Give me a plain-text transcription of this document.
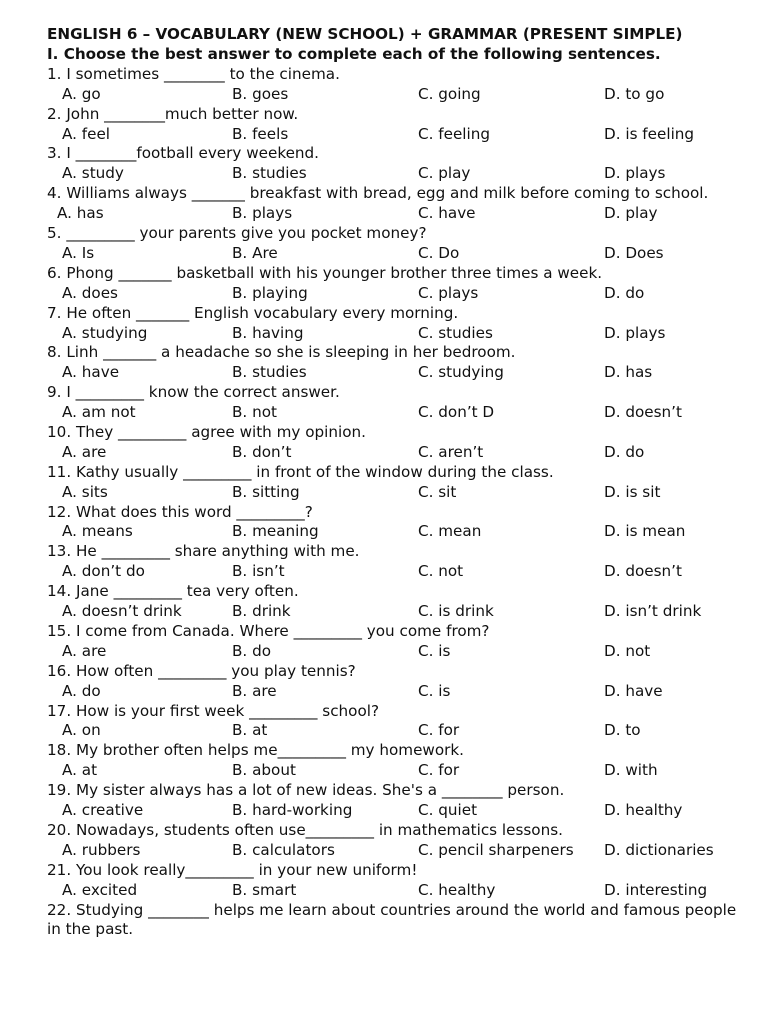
ENGLISH 6 – VOCABULARY (NEW SCHOOL) + GRAMMAR (PRESENT SIMPLE)
I. Choose the best answer to complete each of the following sentences.
1. I sometimes ________ to the cinema.
A. go	B. goes	C. going	D. to go
2. John ________much better now.
A. feel	B. feels	C. feeling	D. is feeling
3. I ________football every weekend.
A. study	B. studies	C. play	D. plays
4. Williams always _______ breakfast with bread, egg and milk before coming to school.
A. has	B. plays	C. have	D. play
5. _________ your parents give you pocket money?
A. Is	B. Are	C. Do	D. Does
6. Phong _______ basketball with his younger brother three times a week.
A. does	B. playing	C. plays	D. do
7. He often _______ English vocabulary every morning.
A. studying	B. having	C. studies	D. plays
8. Linh _______ a headache so she is sleeping in her bedroom.
A. have	B. studies	C. studying	D. has
9. I _________ know the correct answer.
A. am not	B. not	C. don’t D	D. doesn’t
10. They _________ agree with my opinion.
A. are	B. don’t	C. aren’t	D. do
11. Kathy usually _________ in front of the window during the class.
A. sits	B. sitting	C. sit	D. is sit
12. What does this word _________?
A. means	B. meaning	C. mean	D. is mean
13. He _________ share anything with me.
A. don’t do	B. isn’t	C. not	D. doesn’t
14. Jane _________ tea very often.
A. doesn’t drink	B. drink	C. is drink	D. isn’t drink
15. I come from Canada. Where _________ you come from?
A. are	B. do	C. is	D. not
16. How often _________ you play tennis?
A. do	B. are	C. is	D. have
17. How is your first week _________ school?
A. on	B. at	C. for	D. to
18. My brother often helps me_________ my homework.
A. at	B. about	C. for	D. with
19. My sister always has a lot of new ideas. She's a ________ person.
A. creative	B. hard-working	C. quiet	D. healthy
20. Nowadays, students often use_________ in mathematics lessons.
A. rubbers	B. calculators	C. pencil sharpeners D. dictionaries
21. You look really_________ in your new uniform!
A. excited	B. smart	C. healthy	D. interesting
22. Studying ________ helps me learn about countries around the world and famous people in the past.
